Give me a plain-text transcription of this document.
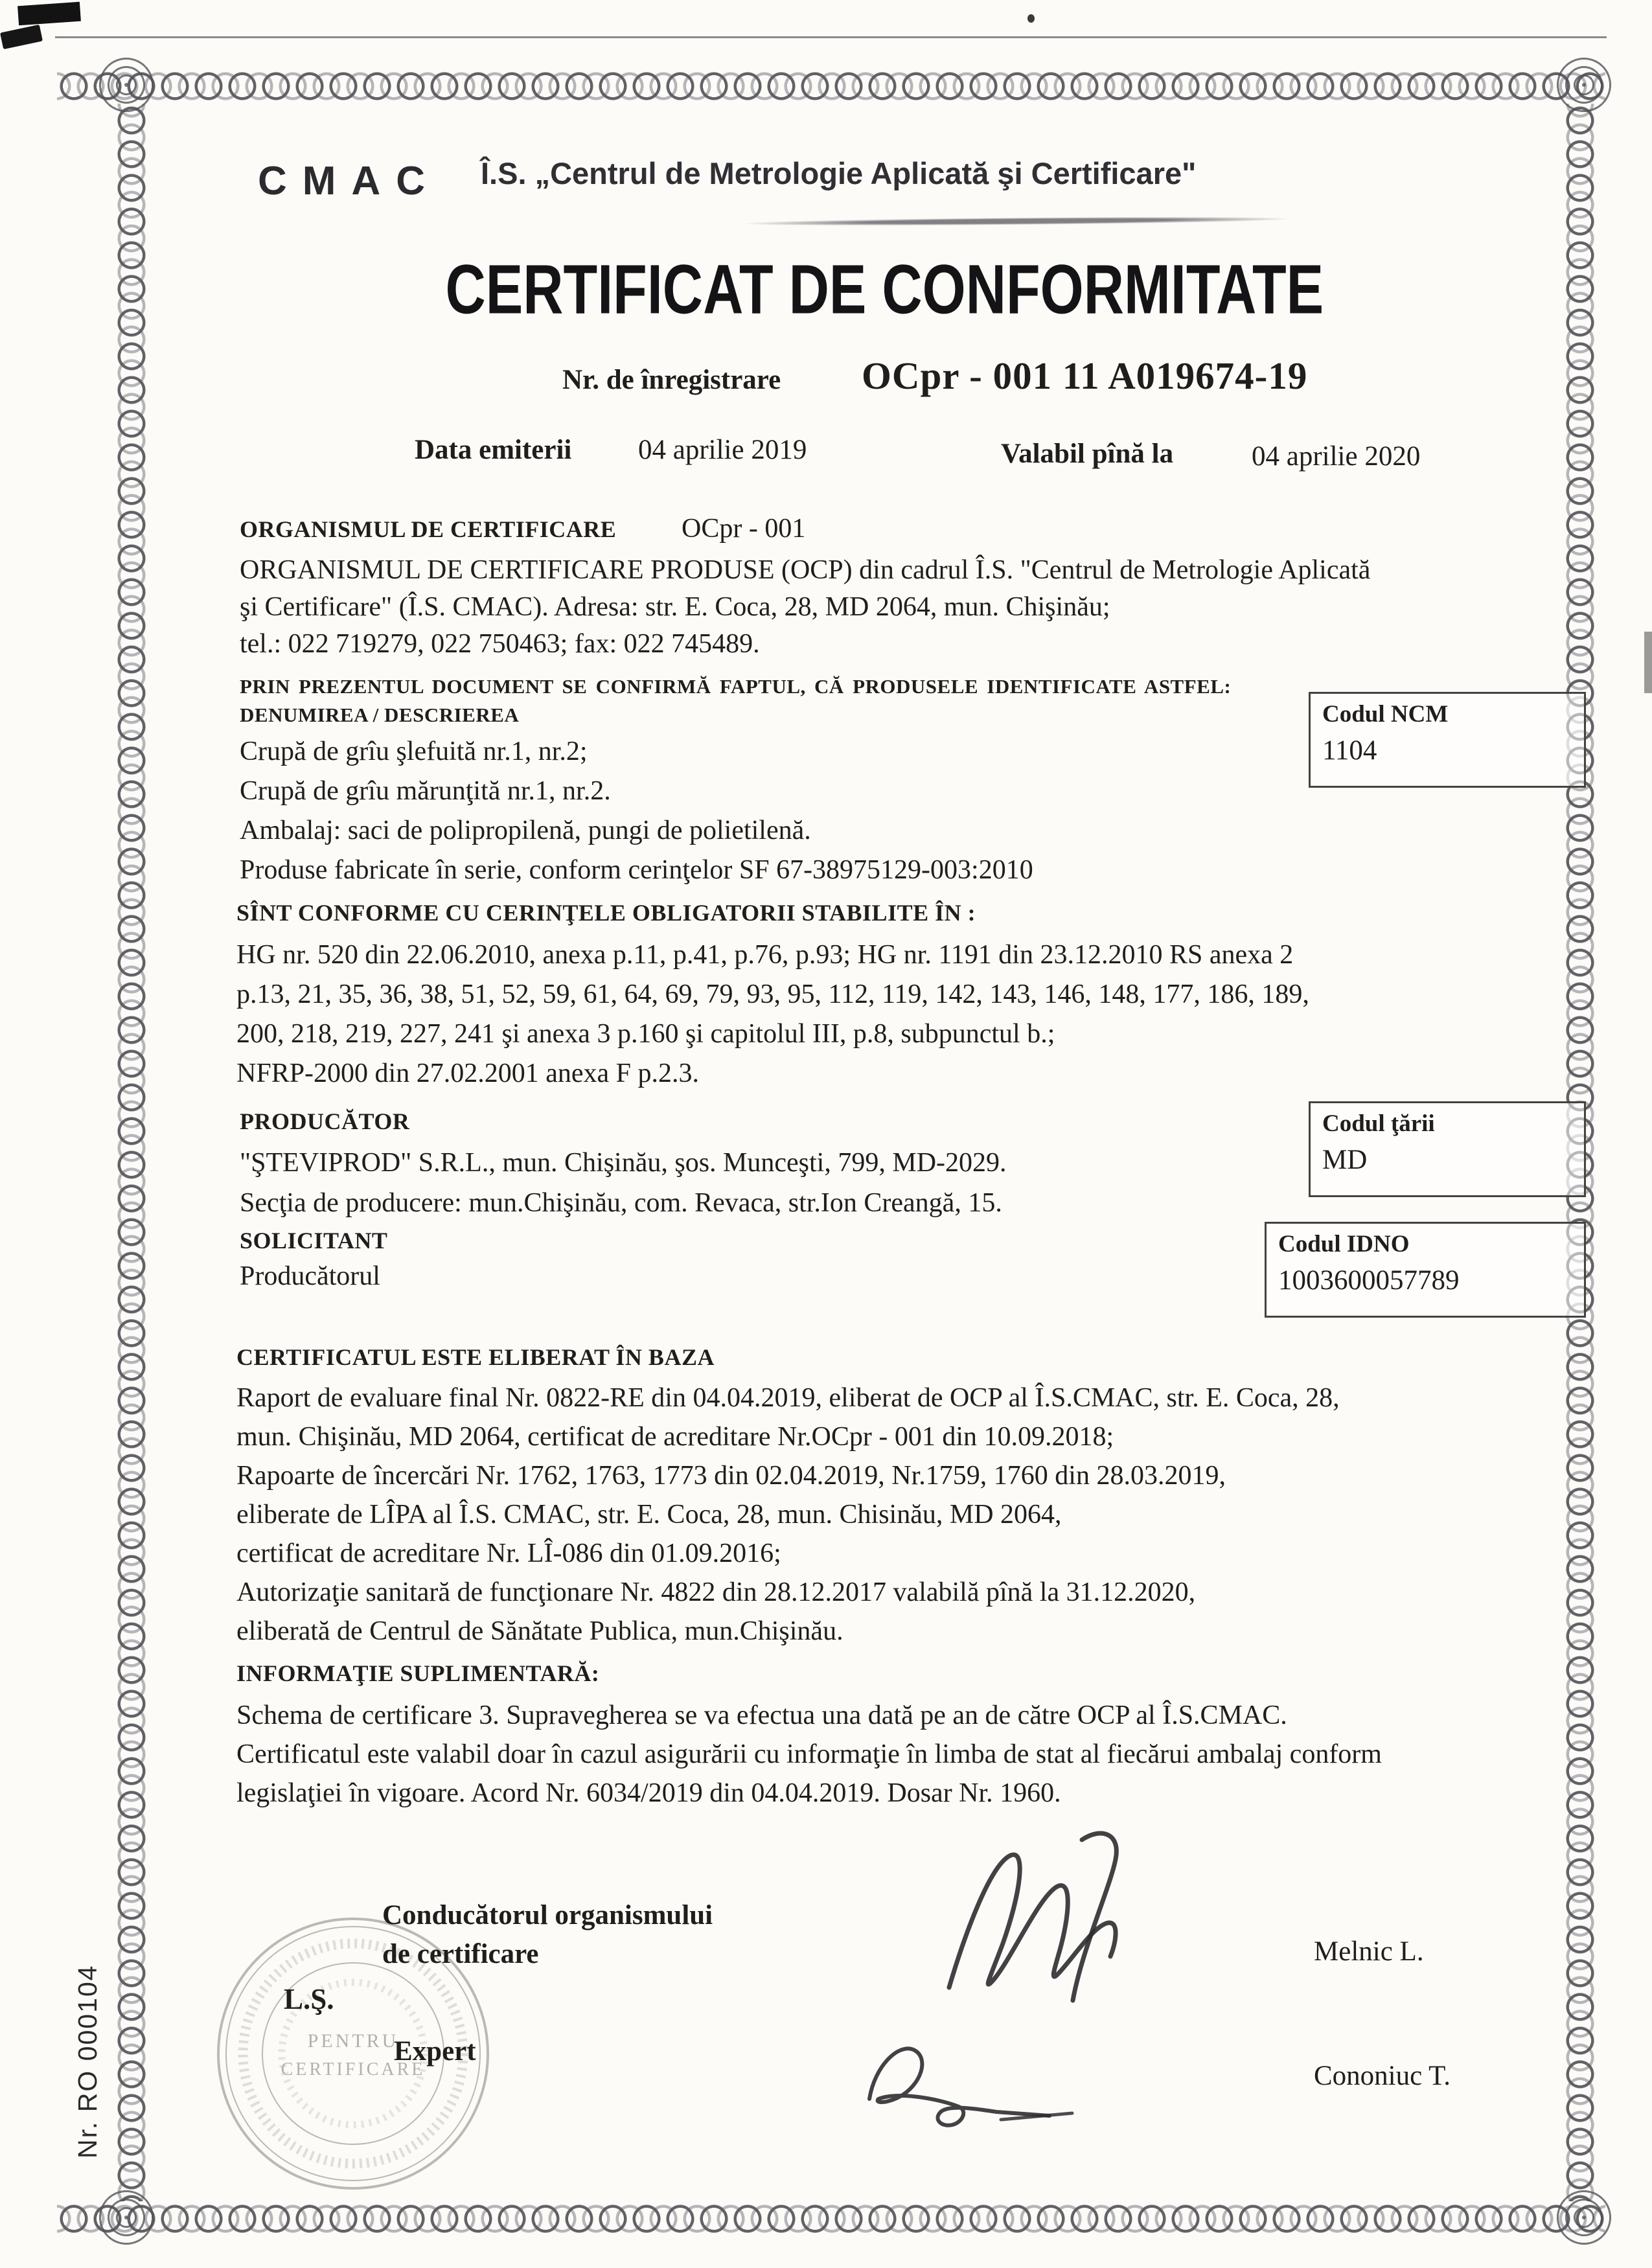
CMAC Î.S. „Centrul de Metrologie Aplicată şi Certificare"
CERTIFICAT DE CONFORMITATE
Nr. de înregistrare OCpr - 001 11 A019674-19
Data emiterii 04 aprilie 2019	Valabil pînă la	04 aprilie 2020
ORGANISMUL DE CERTIFICARE OCpr - 001
ORGANISMUL DE CERTIFICARE PRODUSE (OCP) din cadrul Î.S. "Centrul de Metrologie Aplicată
şi Certificare" (Î.S. CMAC). Adresa: str. E. Coca, 28, MD 2064, mun. Chişinău;
tel.: 022 719279, 022 750463; fax: 022 745489.
PRIN PREZENTUL DOCUMENT SE CONFIRMĂ FAPTUL, CĂ PRODUSELE IDENTIFICATE ASTFEL:
DENUMIREA / DESCRIEREA	Codul NCM
1104
Crupă de grîu şlefuită nr.1, nr.2;
Crupă de grîu mărunţită nr.1, nr.2.
Ambalaj: saci de polipropilenă, pungi de polietilenă.
Produse fabricate în serie, conform cerinţelor SF 67-38975129-003:2010
SÎNT CONFORME CU CERINŢELE OBLIGATORII STABILITE ÎN :
HG nr. 520 din 22.06.2010, anexa p.11, p.41, p.76, p.93; HG nr. 1191 din 23.12.2010 RS anexa 2
p.13, 21, 35, 36, 38, 51, 52, 59, 61, 64, 69, 79, 93, 95, 112, 119, 142, 143, 146, 148, 177, 186, 189,
200, 218, 219, 227, 241 şi anexa 3 p.160 şi capitolul III, p.8, subpunctul b.;
NFRP-2000 din 27.02.2001 anexa F p.2.3.
PRODUCĂTOR	Codul ţării
MD
"ŞTEVIPROD" S.R.L., mun. Chişinău, şos. Munceşti, 799, MD-2029.
Secţia de producere: mun.Chişinău, com. Revaca, str.Ion Creangă, 15.
SOLICITANT	Codul IDNO
1003600057789
Producătorul
CERTIFICATUL ESTE ELIBERAT ÎN BAZA
Raport de evaluare final Nr. 0822-RE din 04.04.2019, eliberat de OCP al Î.S.CMAC, str. E. Coca, 28,
mun. Chişinău, MD 2064, certificat de acreditare Nr.OCpr - 001 din 10.09.2018;
Rapoarte de încercări Nr. 1762, 1763, 1773 din 02.04.2019, Nr.1759, 1760 din 28.03.2019,
eliberate de LÎPA al Î.S. CMAC, str. E. Coca, 28, mun. Chisinău, MD 2064,
certificat de acreditare Nr. LÎ-086 din 01.09.2016;
Autorizaţie sanitară de funcţionare Nr. 4822 din 28.12.2017 valabilă pînă la 31.12.2020,
eliberată de Centrul de Sănătate Publica, mun.Chişinău.
INFORMAŢIE SUPLIMENTARĂ:
Schema de certificare 3. Supravegherea se va efectua una dată pe an de către OCP al Î.S.CMAC.
Certificatul este valabil doar în cazul asigurării cu informaţie în limba de stat al fiecărui ambalaj conform
legislaţiei în vigoare. Acord Nr. 6034/2019 din 04.04.2019. Dosar Nr. 1960.
PENTRU
CERTIFICARE
Conducătorul organismului
de certificare
L.Ş.
Expert
Melnic L.
Cononiuc T.
Nr. RO 000104
